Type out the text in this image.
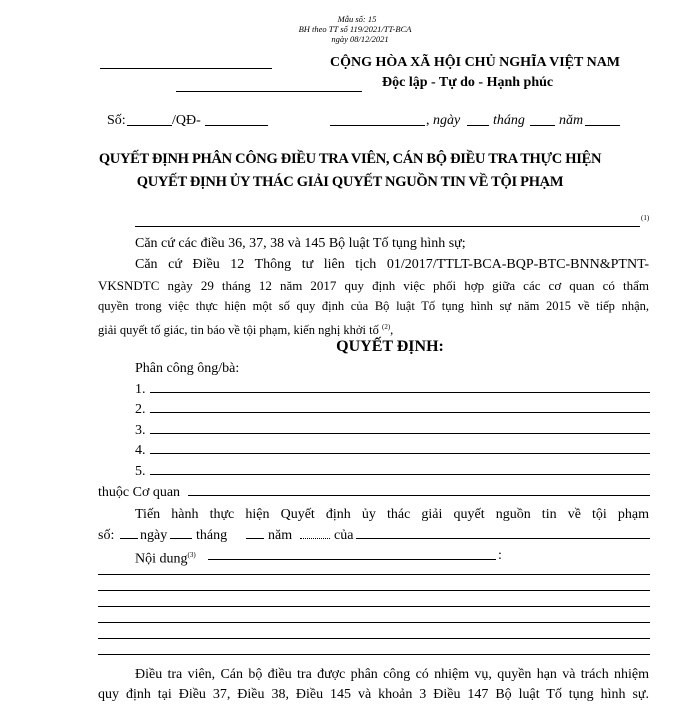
Mẫu số: 15
BH theo TT số 119/2021/TT-BCA
ngày 08/12/2021
CỘNG HÒA XÃ HỘI CHỦ NGHĨA VIỆT NAM
Độc lập - Tự do - Hạnh phúc
Số:	/QĐ-	, ngày tháng năm
QUYẾT ĐỊNH PHÂN CÔNG ĐIỀU TRA VIÊN, CÁN BỘ ĐIỀU TRA THỰC HIỆN
QUYẾT ĐỊNH ỦY THÁC GIẢI QUYẾT NGUỒN TIN VỀ TỘI PHẠM
(1)
Căn cứ các điều 36, 37, 38 và 145 Bộ luật Tố tụng hình sự;
Căn cứ Điều 12 Thông tư liên tịch 01/2017/TTLT-BCA-BQP-BTC-BNN&PTNT-
VKSNDTC ngày 29 tháng 12 năm 2017 quy định việc phối hợp giữa các cơ quan có thẩm
quyền trong việc thực hiện một số quy định của Bộ luật Tố tụng hình sự năm 2015 về tiếp nhận,
giải quyết tố giác, tin báo về tội phạm, kiến nghị khởi tố $^{(2)}$,
QUYẾT ĐỊNH:
Phân công ông/bà:
1.
2.
3.
4.
5.
thuộc Cơ quan
Tiến hành thực hiện Quyết định ủy thác giải quyết nguồn tin về tội phạm
số: ngày tháng	năm	của
Nội dung$^{(3)}$	:
Điều tra viên, Cán bộ điều tra được phân công có nhiệm vụ, quyền hạn và trách nhiệm
quy định tại Điều 37, Điều 38, Điều 145 và khoản 3 Điều 147 Bộ luật Tố tụng hình sự.
